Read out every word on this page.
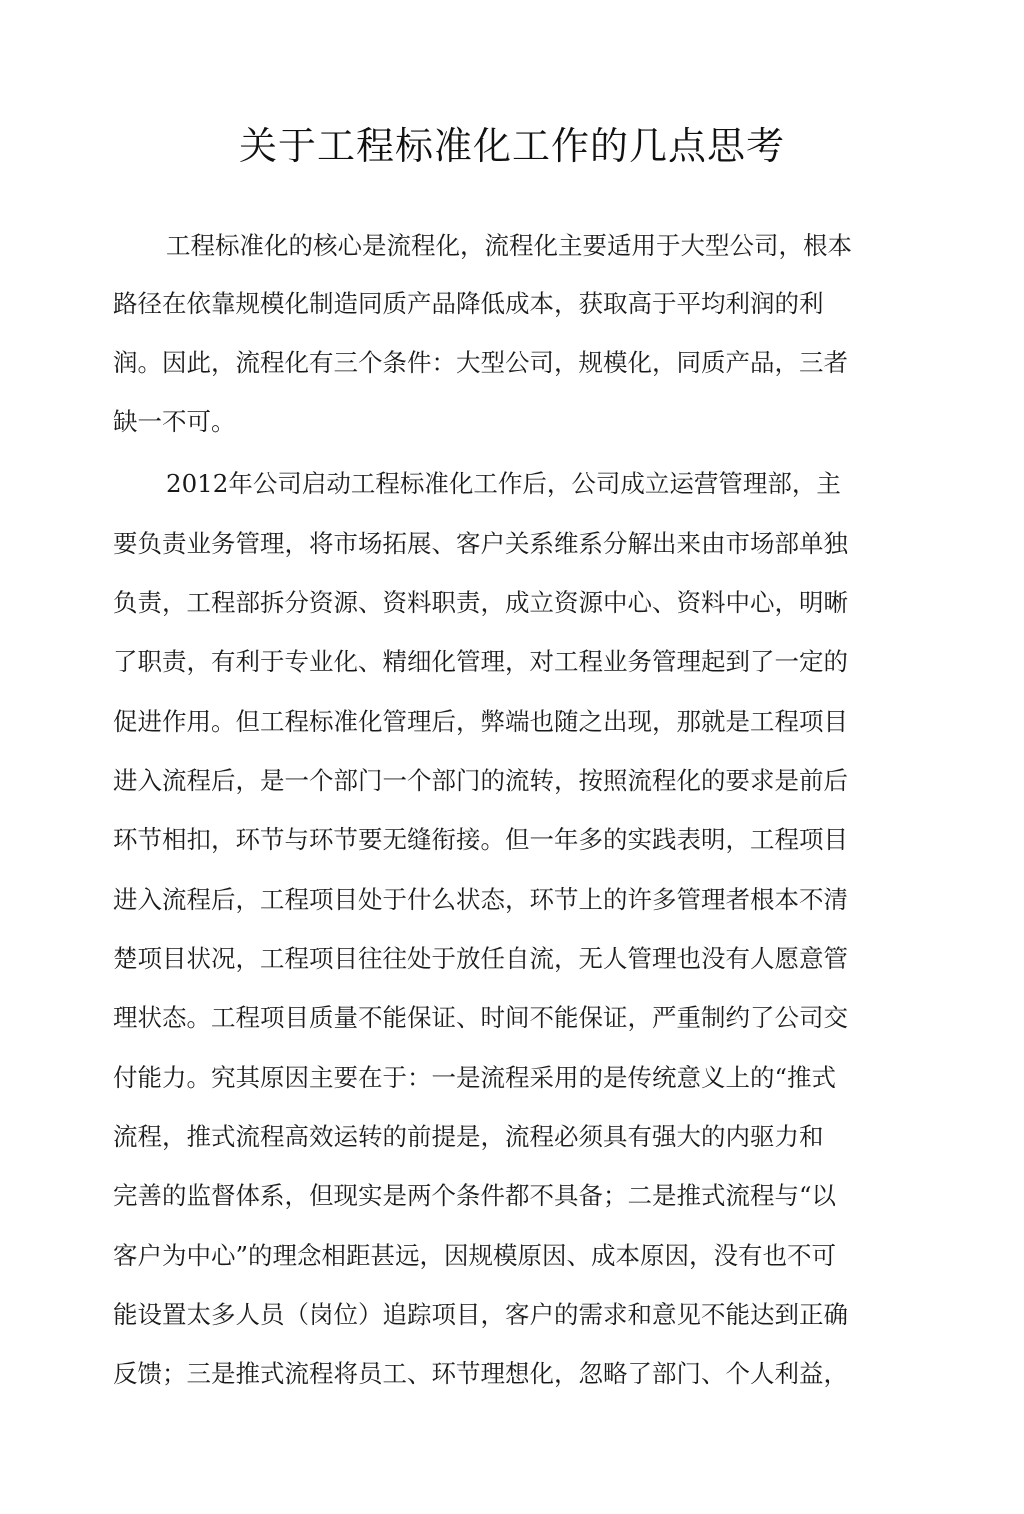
关于工程标准化工作的几点思考
工程标准化的核心是流程化，流程化主要适用于大型公司，根本
路径在依靠规模化制造同质产品降低成本，获取高于平均利润的利
润。因此，流程化有三个条件：大型公司，规模化，同质产品，三者
缺一不可。
2012年公司启动工程标准化工作后，公司成立运营管理部，主
要负责业务管理，将市场拓展、客户关系维系分解出来由市场部单独
负责，工程部拆分资源、资料职责，成立资源中心、资料中心，明晰
了职责，有利于专业化、精细化管理，对工程业务管理起到了一定的
促进作用。但工程标准化管理后，弊端也随之出现，那就是工程项目
进入流程后，是一个部门一个部门的流转，按照流程化的要求是前后
环节相扣，环节与环节要无缝衔接。但一年多的实践表明，工程项目
进入流程后，工程项目处于什么状态，环节上的许多管理者根本不清
楚项目状况，工程项目往往处于放任自流，无人管理也没有人愿意管
理状态。工程项目质量不能保证、时间不能保证，严重制约了公司交
付能力。究其原因主要在于：一是流程采用的是传统意义上的“推式
流程，推式流程高效运转的前提是，流程必须具有强大的内驱力和
完善的监督体系，但现实是两个条件都不具备；二是推式流程与“以
客户为中心”的理念相距甚远，因规模原因、成本原因，没有也不可
能设置太多人员（岗位）追踪项目，客户的需求和意见不能达到正确
反馈；三是推式流程将员工、环节理想化，忽略了部门、个人利益，
